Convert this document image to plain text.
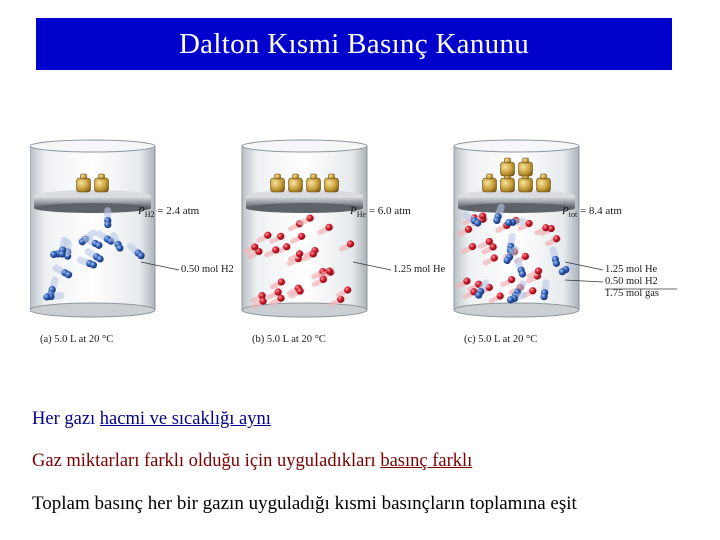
Dalton Kısmi Basınç Kanunu
$P_{H2} = 2.4$ atm
0.50 mol H2
(a) 5.0 L at 20 °C
$P_{He} = 6.0$ atm
1.25 mol He
(b) 5.0 L at 20 °C
$P_{tot} = 8.4$ atm
1.25 mol He
0.50 mol H2
1.75 mol gas
(c) 5.0 L at 20 °C
Her gazı hacmi ve sıcaklığı aynı
Gaz miktarları farklı olduğu için uyguladıkları basınç farklı
Toplam basınç her bir gazın uyguladığı kısmi basınçların toplamına eşit
